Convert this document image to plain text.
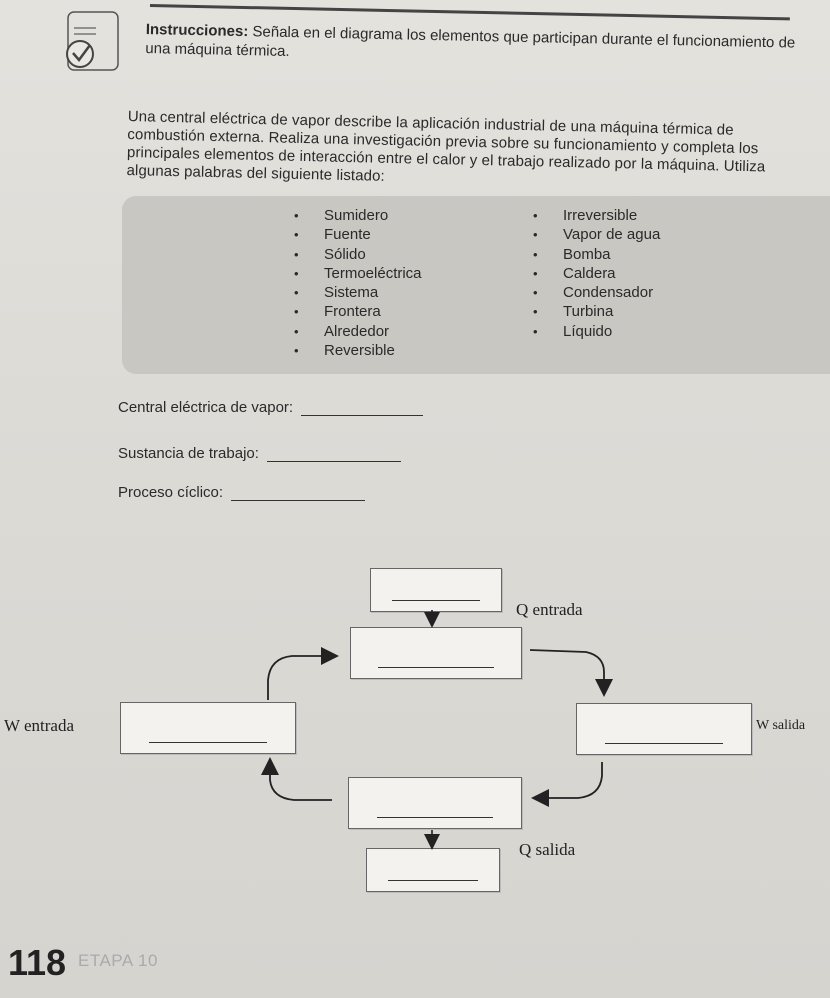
Instrucciones: Señala en el diagrama los elementos que participan durante el funcionamiento de una máquina térmica.
Una central eléctrica de vapor describe la aplicación industrial de una máquina térmica de combustión externa. Realiza una investigación previa sobre su funcionamiento y completa los principales elementos de interacción entre el calor y el trabajo realizado por la máquina. Utiliza algunas palabras del siguiente listado:
• Sumidero
• Fuente
• Sólido
• Termoeléctrica
• Sistema
• Frontera
• Alrededor
• Reversible
• Irreversible
• Vapor de agua
• Bomba
• Caldera
• Condensador
• Turbina
• Líquido
Central eléctrica de vapor:
Sustancia de trabajo:
Proceso cíclico:
Q entrada
Q salida
W entrada	W salida
118 ETAPA 10
